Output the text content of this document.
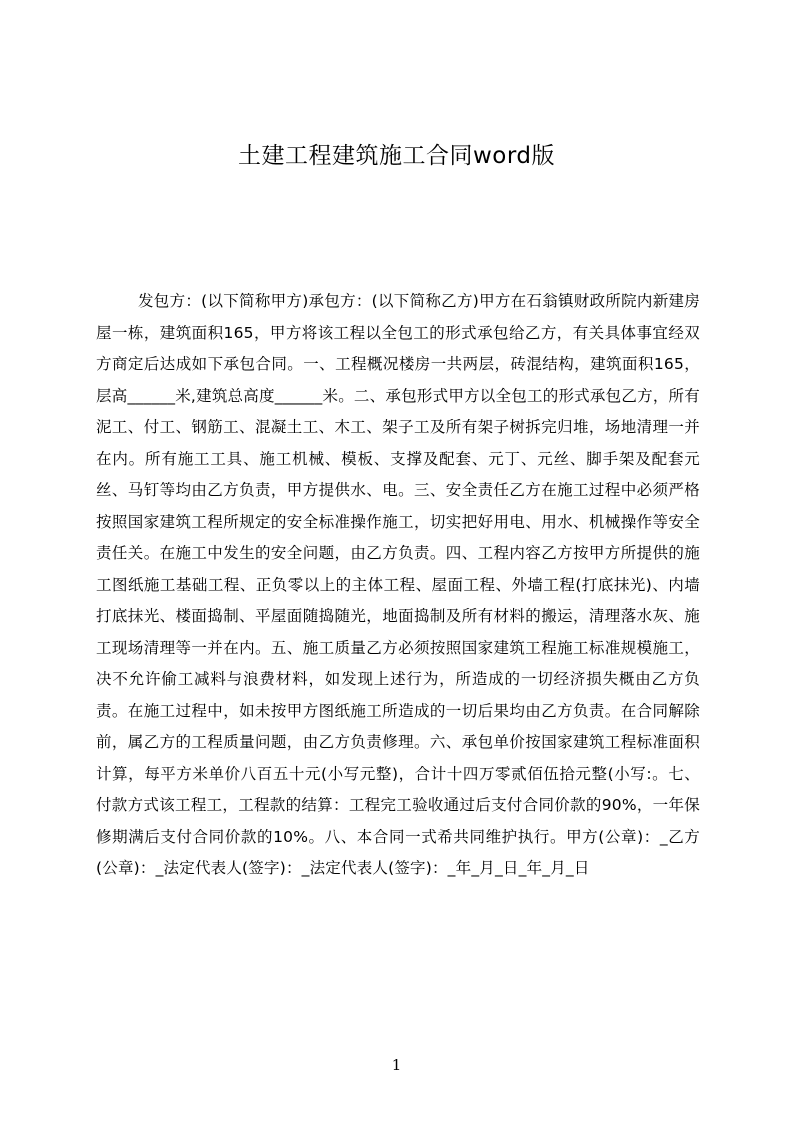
土建工程建筑施工合同word版

发包方：(以下简称甲方)承包方：(以下简称乙方)甲方在石翁镇财政所院内新建房屋一栋，建筑面积165，甲方将该工程以全包工的形式承包给乙方，有关具体事宜经双方商定后达成如下承包合同。一、工程概况楼房一共两层，砖混结构，建筑面积165，层高______米,建筑总高度______米。二、承包形式甲方以全包工的形式承包乙方，所有泥工、付工、钢筋工、混凝土工、木工、架子工及所有架子树拆完归堆，场地清理一并在内。所有施工工具、施工机械、模板、支撑及配套、元丁、元丝、脚手架及配套元丝、马钉等均由乙方负责，甲方提供水、电。三、安全责任乙方在施工过程中必须严格按照国家建筑工程所规定的安全标准操作施工，切实把好用电、用水、机械操作等安全责任关。在施工中发生的安全问题，由乙方负责。四、工程内容乙方按甲方所提供的施工图纸施工基础工程、正负零以上的主体工程、屋面工程、外墙工程(打底抹光)、内墙打底抹光、楼面捣制、平屋面随捣随光，地面捣制及所有材料的搬运，清理落水灰、施工现场清理等一并在内。五、施工质量乙方必须按照国家建筑工程施工标准规模施工，决不允许偷工减料与浪费材料，如发现上述行为，所造成的一切经济损失概由乙方负责。在施工过程中，如未按甲方图纸施工所造成的一切后果均由乙方负责。在合同解除前，属乙方的工程质量问题，由乙方负责修理。六、承包单价按国家建筑工程标准面积计算，每平方米单价八百五十元(小写元整)，合计十四万零贰佰伍拾元整(小写:。七、付款方式该工程工，工程款的结算：工程完工验收通过后支付合同价款的90%，一年保修期满后支付合同价款的10%。八、本合同一式希共同维护执行。甲方(公章)：_乙方(公章)：_法定代表人(签字)：_法定代表人(签字)：_年_月_日_年_月_日

1
